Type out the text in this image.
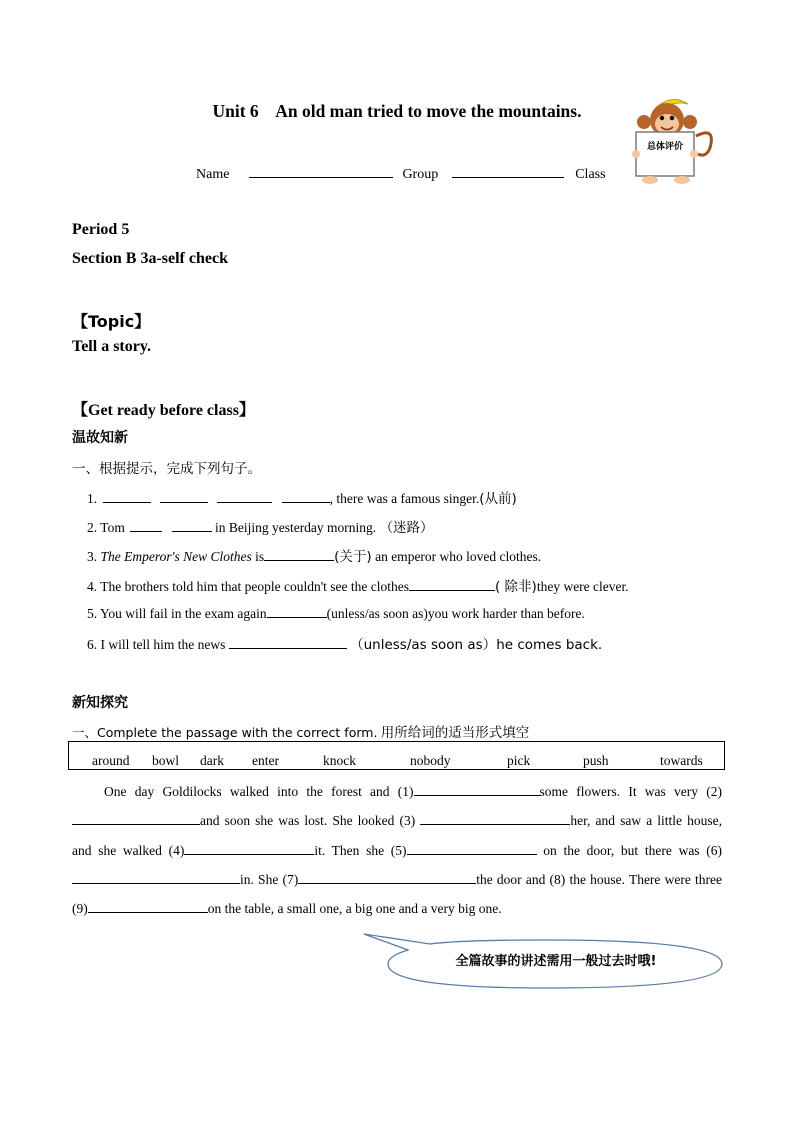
Unit 6    An old man tried to move the mountains.
Name	Group	Class
总体评价
Period 5
Section B 3a-self check
【Topic】
Tell a story.
【Get ready before class】
温故知新
一、根据提示，完成下列句子。
1.	, there was a famous singer.(从前)
2. Tom	in Beijing yesterday morning. （迷路）
3. The Emperor's New Clothes is	(关于) an emperor who loved clothes.
4. The brothers told him that people couldn't see the clothes	( 除非)they were clever.
5. You will fail in the exam again	(unless/as soon as)you work harder than before.
6. I will tell him the news	（unless/as soon as）he comes back.
新知探究
一、Complete the passage with the correct form. 用所给词的适当形式填空
around bowl dark enter	knock	nobody	pick	push	towards
One day Goldilocks walked into the forest and (1)	some flowers. It was very (2)and soon she was lost. She looked (3)	her, and saw a little house, and she walked (4)	it. Then she (5)	on the door, but there was (6)in. She (7)	the door and (8) the house. There were three (9)	on the table, a small one, a big one and a very big one.
全篇故事的讲述需用一般过去时哦!
